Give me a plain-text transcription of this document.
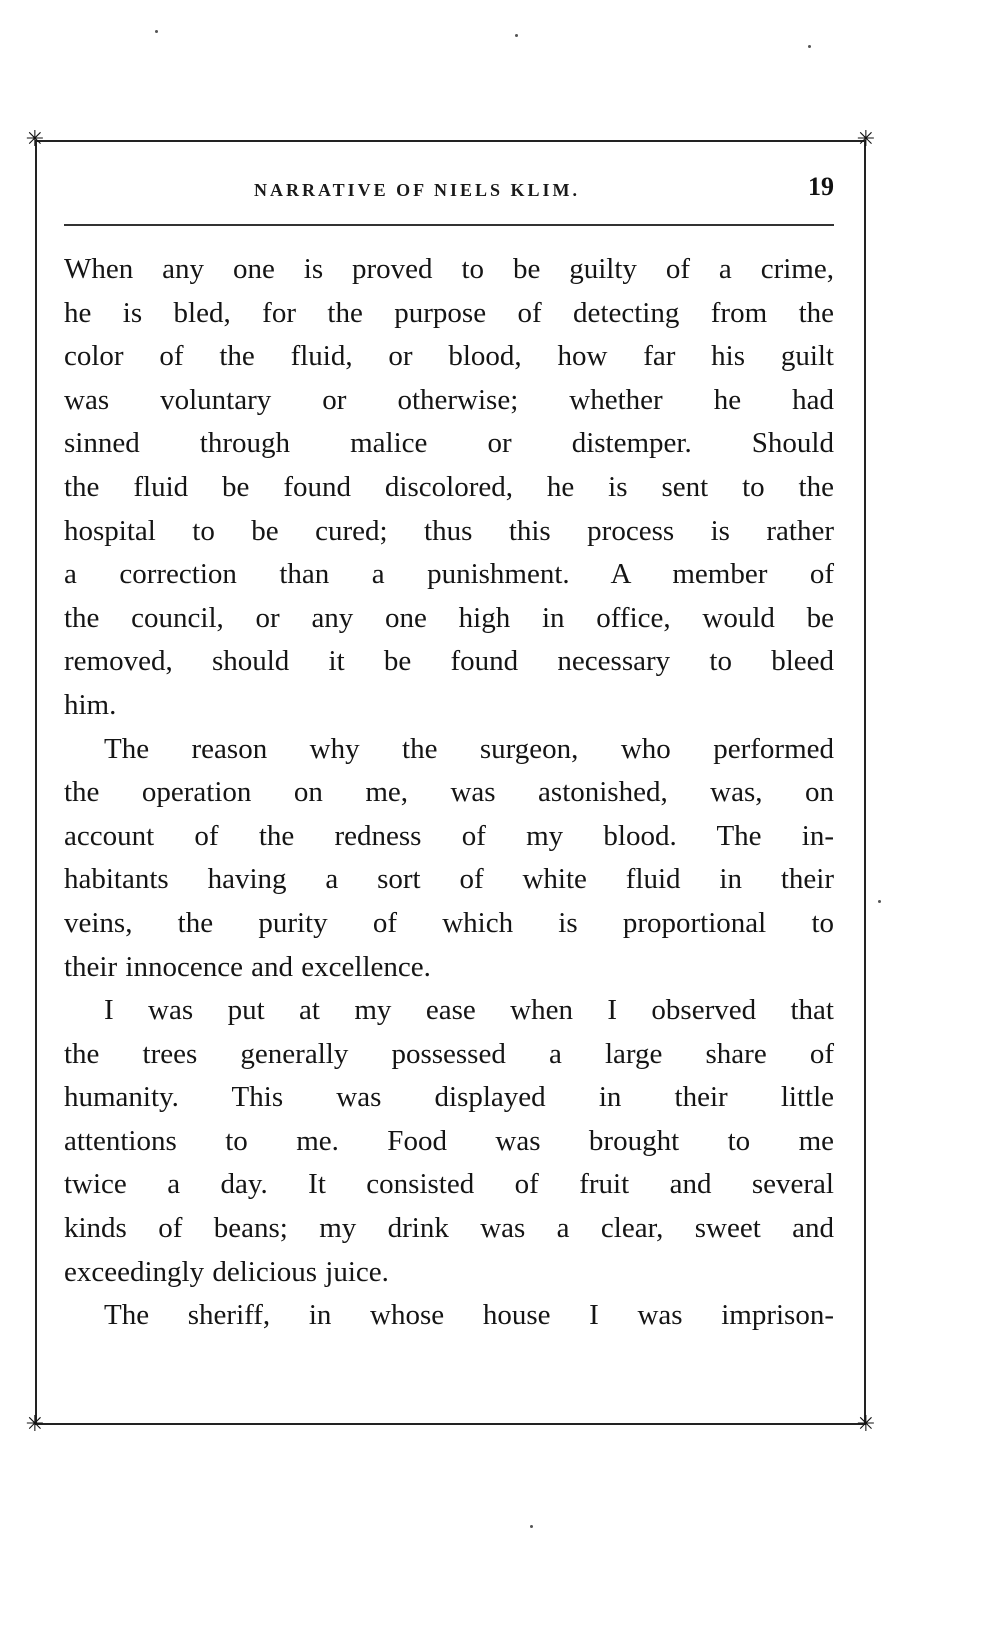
✳	✳
✳	✳
NARRATIVE OF NIELS KLIM.	19
When any one is proved to be guilty of a crime,
he is bled, for the purpose of detecting from the
color of the fluid, or blood, how far his guilt
was voluntary or otherwise; whether he had
sinned through malice or distemper. Should
the fluid be found discolored, he is sent to the
hospital to be cured; thus this process is rather
a correction than a punishment. A member of
the council, or any one high in office, would be
removed, should it be found necessary to bleed
him.
The reason why the surgeon, who performed
the operation on me, was astonished, was, on
account of the redness of my blood. The in-
habitants having a sort of white fluid in their
veins, the purity of which is proportional to
their innocence and excellence.
I was put at my ease when I observed that
the trees generally possessed a large share of
humanity. This was displayed in their little
attentions to me. Food was brought to me
twice a day. It consisted of fruit and several
kinds of beans; my drink was a clear, sweet and
exceedingly delicious juice.
The sheriff, in whose house I was imprison-
